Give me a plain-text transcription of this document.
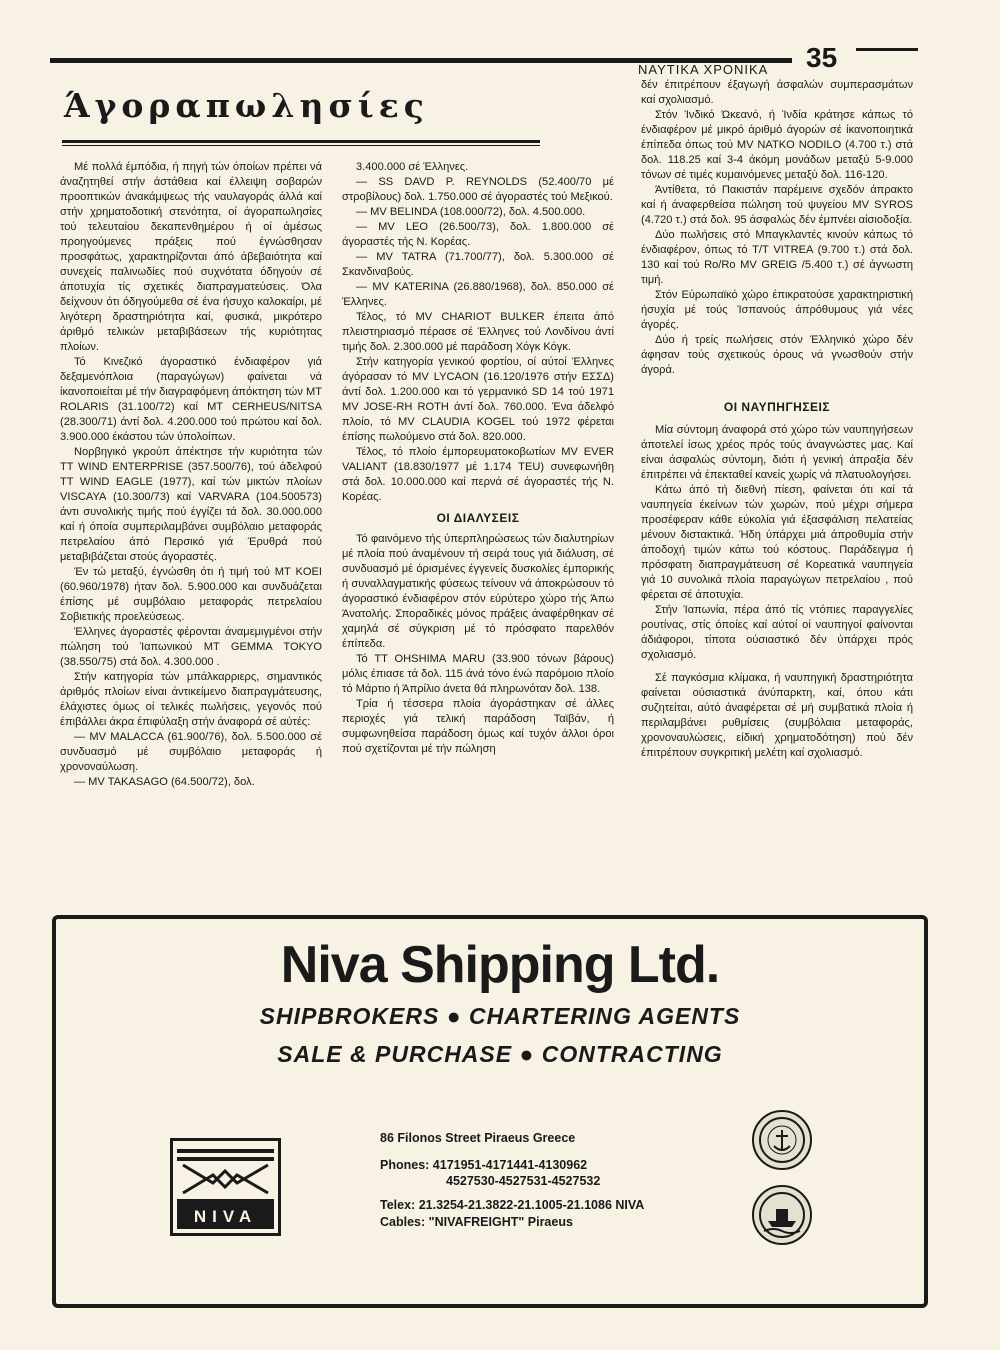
ΝΑΥΤΙΚΑ ΧΡΟΝΙΚΑ 35
Άγοραπωλησίες

Μέ πολλά έμπόδια, ή πηγή τών όποίων πρέπει νά άναζητηθεί στήν άστάθεια καί έλλειψη σοβαρών προοπτικών άνακάμψεως τής ναυλαγοράς άλλά καί στήν χρηματοδοτική στενότητα, οί άγοραπωλησίες τού τελευταίου δεκαπενθημέρου ή οί άμέσως προηγούμενες πράξεις πού έγνώσθησαν προσφάτως, χαρακτηρίζονται άπό άβεβαιότητα καί συνεχείς παλινωδίες πού συχνότατα όδηγούν σέ άποτυχία τίς σχετικές διαπραγματεύσεις. Όλα δείχνουν ότι όδηγούμεθα σέ ένα ήσυχο καλοκαίρι, μέ λιγότερη δραστηριότητα καί, φυσικά, μικρότερο άριθμό τελικών μεταβιβάσεων τής κυριότητας πλοίων.

Τό Κινεζικό άγοραστικό ένδιαφέρον γιά δεξαμενόπλοια (παραγώγων) φαίνεται νά ίκανοποιείται μέ τήν διαγραφόμενη άπόκτηση τών ΜΤ ROLARIS (31.100/72) καί ΜΤ CERHEUS/NITSA (28.300/71) άντί δολ. 4.200.000 τού πρώτου καί δολ. 3.900.000 έκάστου τών ύπολοίπων.

Νορβηγικό γκρούπ άπέκτησε τήν κυριότητα τών ΤΤ WIND ENTERPRISE (357.500/76), τού άδελφού ΤΤ WIND EAGLE (1977), καί τών μικτών πλοίων VISCAYA (10.300/73) καί VARVARA (104.500573) άντι συνολικής τιμής πού έγγίζει τά δολ. 30.000.000 καί ή όποία συμπεριλαμβάνει συμβόλαιο μεταφοράς πετρελαίου άπό Περσικό γιά Έρυθρά πού μεταβιβάζεται στούς άγοραστές.

Έν τώ μεταξύ, έγνώσθη ότι ή τιμή τού ΜΤ KOEI (60.960/1978) ήταν δολ. 5.900.000 και συνδυάζεται έπίσης μέ συμβόλαιο μεταφοράς πετρελαίου Σοβιετικής προελεύσεως.

Έλληνες άγοραστές φέρονται άναμεμιγμένοι στήν πώληση τού Ίαπωνικού ΜΤ GEMMA TOKYO (38.550/75) στά δολ. 4.300.000 .

Στήν κατηγορία τών μπάλκαρριερς, σημαντικός άριθμός πλοίων είναι άντικείμενο διαπραγμάτευσης, έλάχιστες όμως οί τελικές πωλήσεις, γεγονός πού έπιβάλλει άκρα έπιφύλαξη στήν άναφορά σέ αύτές:

— MV MALACCA (61.900/76), δολ. 5.500.000 σέ συνδυασμό μέ συμβόλαιο μεταφοράς ή χρονοναύλωση.

— MV TAKASAGO (64.500/72), δολ.

3.400.000 σέ Έλληνες.

— SS DAVD P. REYNOLDS (52.400/70 μέ στροβίλους) δολ. 1.750.000 σέ άγοραστές τού Μεξικού.

— MV BELINDA (108.000/72), δολ. 4.500.000.

— MV LEO (26.500/73), δολ. 1.800.000 σέ άγοραστές τής Ν. Κορέας.

— MV TATRA (71.700/77), δολ. 5.300.000 σέ Σκανδιναβούς.

— MV KATERINA (26.880/1968), δολ. 850.000 σέ Έλληνες.

Τέλος, τό MV CHARIOT BULKER έπειτα άπό πλειστηριασμό πέρασε σέ Έλληνες τού Λονδίνου άντί τιμής δολ. 2.300.000 μέ παράδοση Χόγκ Κόγκ.

Στήν κατηγορία γενικού φορτίου, οί αύτοί Έλληνες άγόρασαν τό MV LYCAON (16.120/1976 στήν ΕΣΣΔ) άντί δολ. 1.200.000 και τό γερμανικό SD 14 τού 1971 MV JOSE-RH ROTH άντί δολ. 760.000. Ένα άδελφό πλοίο, τό MV CLAUDIA KOGEL τού 1972 φέρεται έπίσης πωλούμενο στά δολ. 820.000.

Τέλος, τό πλοίο έμπορευματοκοβωτίων MV EVER VALIANT (18.830/1977 μέ 1.174 TEU) συνεφωνήθη στά δολ. 10.000.000 καί περνά σέ άγοραστές τής Ν. Κορέας.

ΟΙ ΔΙΑΛΥΣΕΙΣ

Τό φαινόμενο τής ύπερπληρώσεως τών διαλυτηρίων μέ πλοία πού άναμένουν τή σειρά τους γιά διάλυση, σέ συνδυασμό μέ όρισμένες έγγενείς δυσκολίες έμπορικής ή συναλλαγματικής φύσεως τείνουν νά άποκρώσουν τό άγοραστικό ένδιαφέρον στόν εύρύτερο χώρο τής Άπω Άνατολής. Σποραδικές μόνος πράξεις άναφέρθηκαν σέ χαμηλά σέ σύγκριση μέ τό πρόσφατο παρελθόν έπίπεδα.

Τό ΤΤ OHSHIMA MARU (33.900 τόνων βάρους) μόλις έπιασε τά δολ. 115 άνά τόνο ένώ παρόμοιο πλοίο τό Μάρτιο ή Άπρίλιο άνετα θά πληρωνόταν δολ. 138.

Τρία ή τέσσερα πλοία άγοράστηκαν σέ άλλες περιοχές γιά τελική παράδοση Ταϊβάν, ή συμφωνηθείσα παράδοση όμως καί τυχόν άλλοι όροι πού σχετίζονται μέ τήν πώληση

δέν έπιτρέπουν έξαγωγή άσφαλών συμπερασμάτων καί σχολιασμό.

Στόν Ίνδικό Ώκεανό, ή Ίνδία κράτησε κάπως τό ένδιαφέρον μέ μικρό άριθμό άγορών σέ ίκανοποιητικά έπίπεδα όπως τού MV NATKO NODILO (4.700 τ.) στά δολ. 118.25 καί 3-4 άκόμη μονάδων μεταξύ 5-9.000 τόνων σέ τιμές κυμαινόμενες μεταξύ δολ. 116-120.

Άντίθετα, τό Πακιστάν παρέμεινε σχεδόν άπρακτο καί ή άναφερθείσα πώληση τού ψυγείου MV SYROS (4.720 τ.) στά δολ. 95 άσφαλώς δέν έμπνέει αίσιοδοξία.

Δύο πωλήσεις στό Μπαγκλαντές κινούν κάπως τό ένδιαφέρον, όπως τό Τ/Τ VITREA (9.700 τ.) στά δολ. 130 καί τού Ro/Ro MV GREIG /5.400 τ.) σέ άγνωστη τιμή.

Στόν Εύρωπαϊκό χώρο έπικρατούσε χαρακτηριστική ήσυχία μέ τούς Ίσπανούς άπρόθυμους γιά νέες άγορές.

Δύο ή τρείς πωλήσεις στόν Έλληνικό χώρο δέν άφησαν τούς σχετικούς όρους νά γνωσθούν στήν άγορά.

ΟΙ ΝΑΥΠΗΓΗΣΕΙΣ

Μία σύντομη άναφορά στό χώρο τών ναυπηγήσεων άποτελεί ίσως χρέος πρός τούς άναγνώστες μας. Καί είναι άσφαλώς σύντομη, διότι ή γενική άπραξία δέν έπιτρέπει νά έπεκταθεί κανείς χωρίς νά πλατυολογήσει.

Κάτω άπό τή διεθνή πίεση, φαίνεται ότι καί τά ναυπηγεία έκείνων τών χωρών, πού μέχρι σήμερα προσέφεραν κάθε εύκολία γιά έξασφάλιση πελατείας μένουν διστακτικά. Ήδη ύπάρχει μιά άπροθυμία στήν άποδοχή τιμών κάτω τού κόστους. Παράδειγμα ή πρόσφατη διαπραγμάτευση σέ Κορεατικά ναυπηγεία γιά 10 συνολικά πλοία παραγώγων πετρελαίου , πού φέρεται σέ άποτυχία.

Στήν Ίαπωνία, πέρα άπό τίς ντόπιες παραγγελίες ρουτίνας, στίς όποίες καί αύτοί οί ναυπηγοί φαίνονται άδιάφοροι, τίποτα ούσιαστικό δέν ύπάρχει πρός σχολιασμό.

Σέ παγκόσμια κλίμακα, ή ναυπηγική δραστηριότητα φαίνεται ούσιαστικά άνύπαρκτη, καί, όπου κάτι συζητείται, αύτό άναφέρεται σέ μή συμβατικά πλοία ή περιλαμβάνει ρυθμίσεις (συμβόλαια μεταφοράς, χρονοναυλώσεις, είδική χρηματοδότηση) πού δέν έπιτρέπουν συγκριτική μελέτη καί σχολιασμό.

Niva Shipping Ltd.
SHIPBROKERS ● CHARTERING AGENTS
SALE & PURCHASE ● CONTRACTING
NIVA
86 Filonos Street Piraeus Greece
Phones: 4171951-4171441-4130962
4527530-4527531-4527532
Telex: 21.3254-21.3822-21.1005-21.1086 NIVA
Cables: "NIVAFREIGHT" Piraeus
